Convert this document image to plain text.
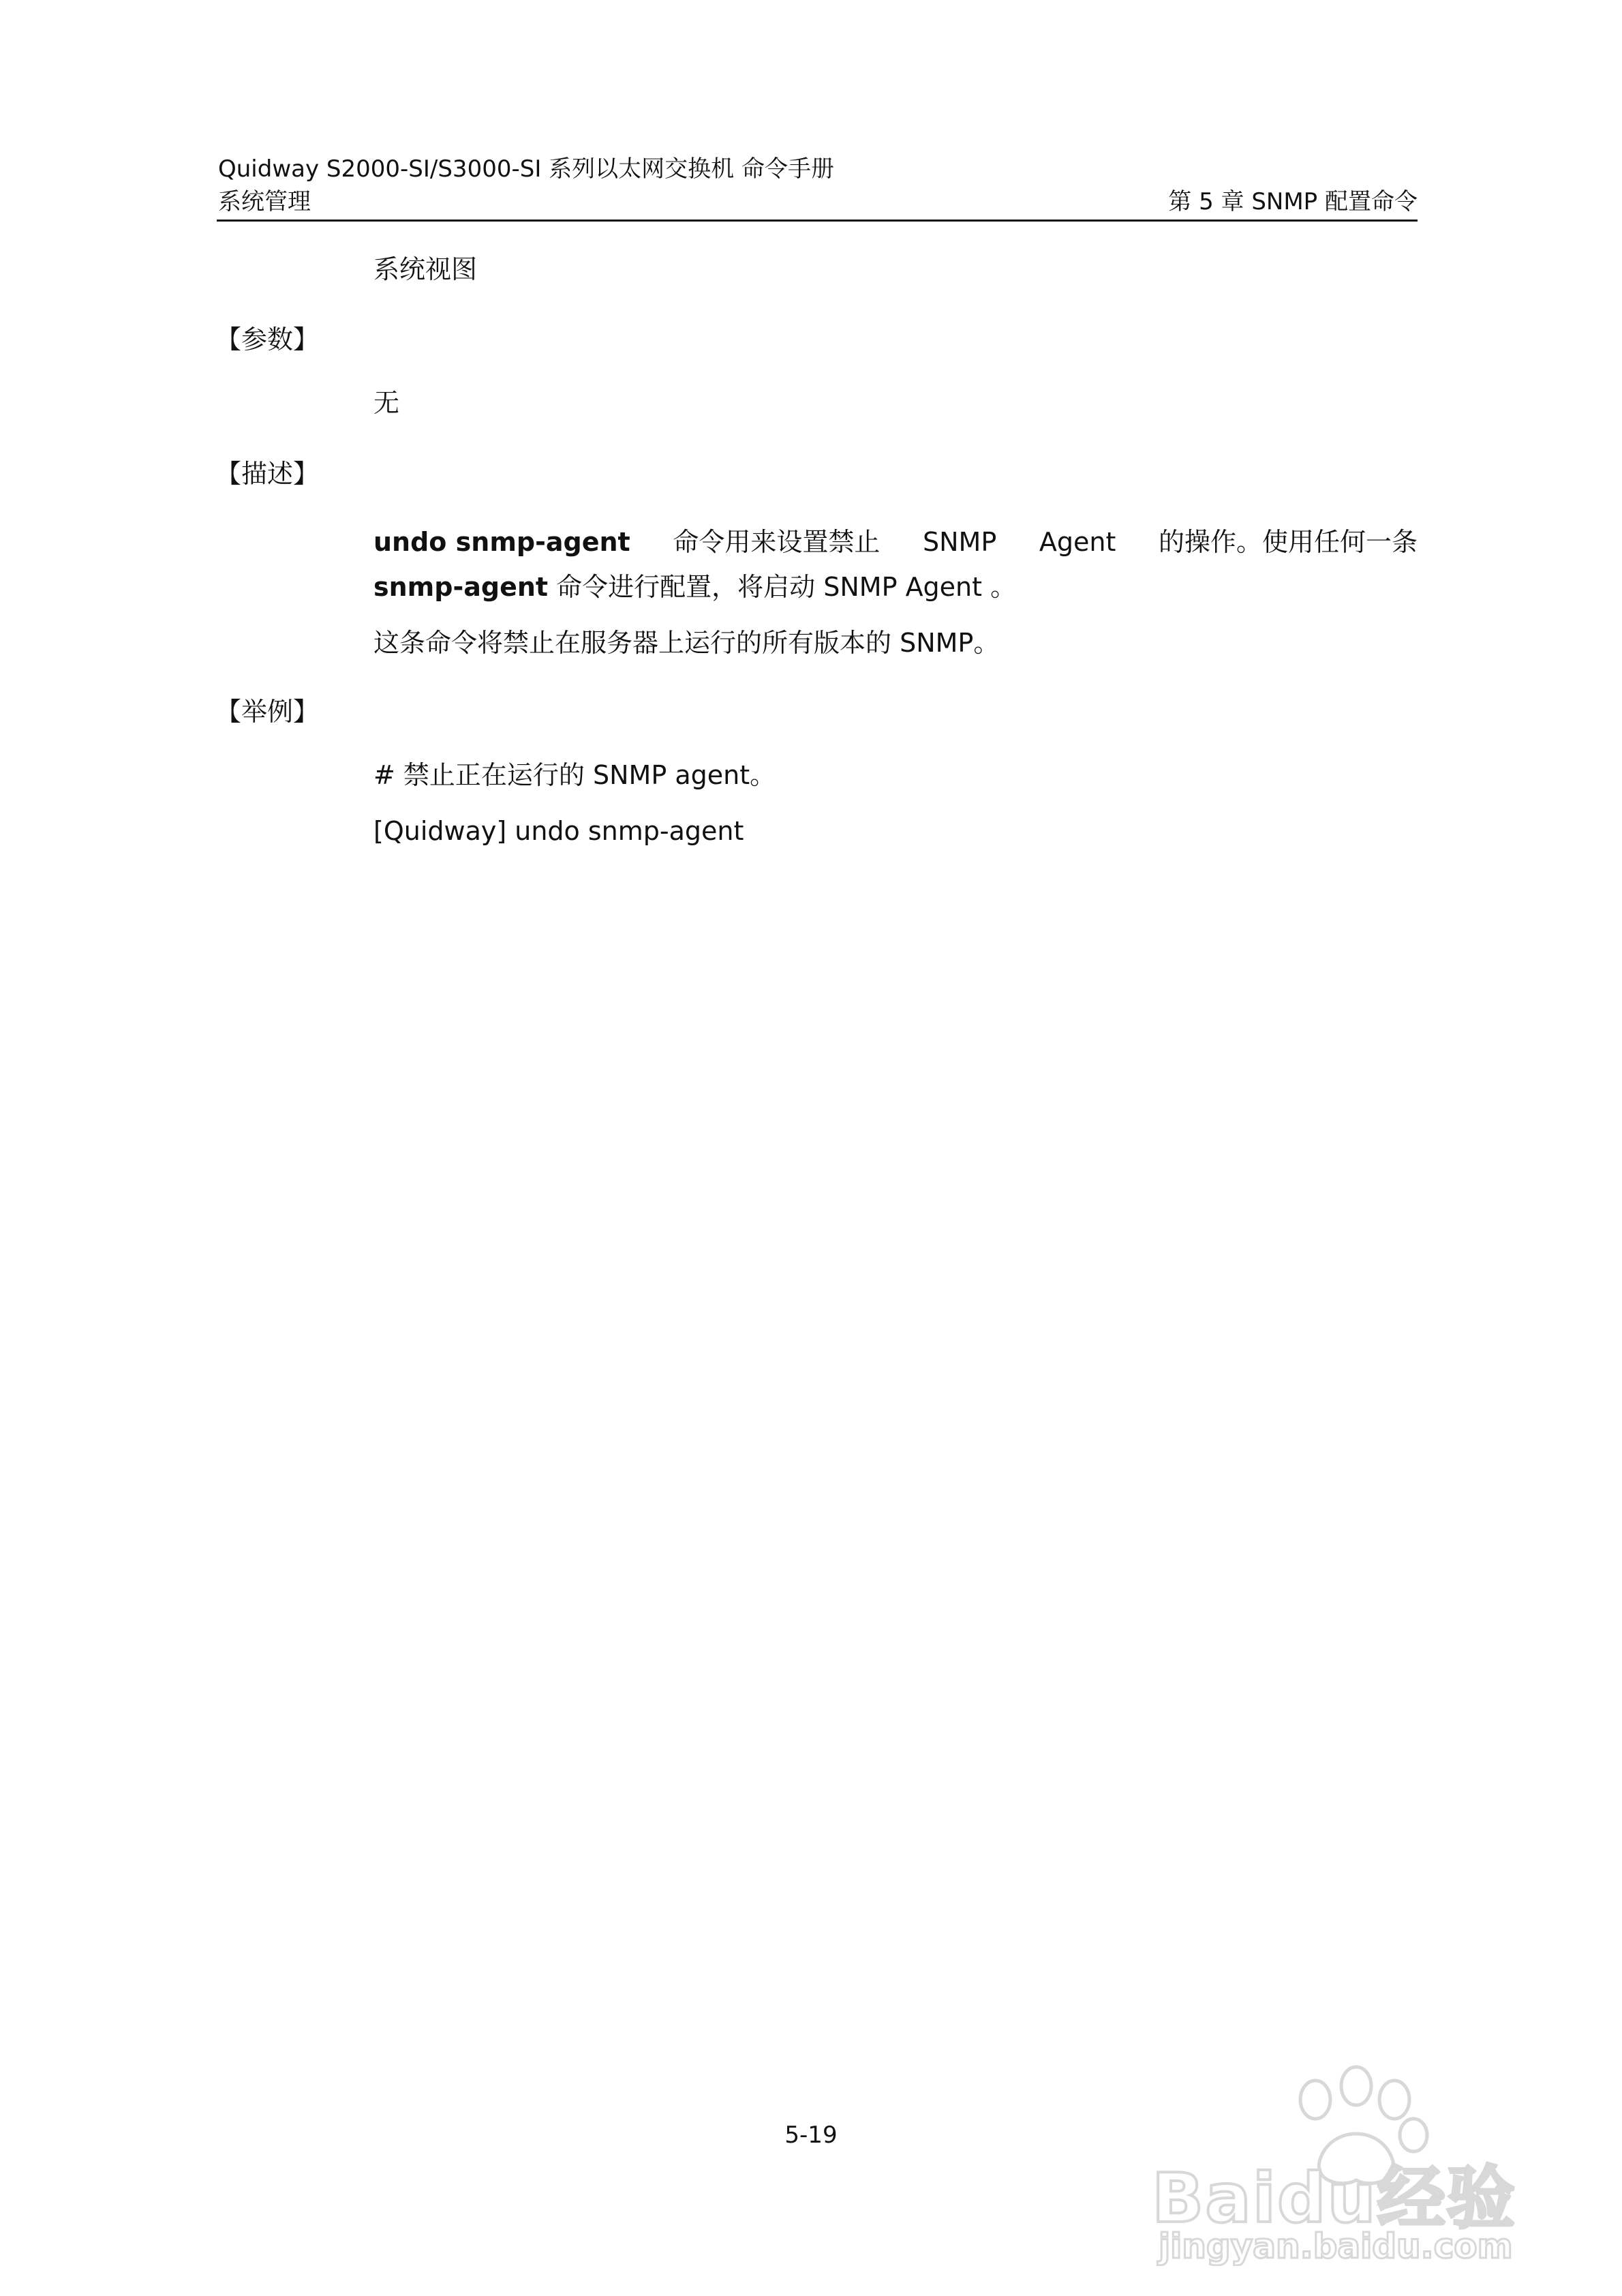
Quidway S2000-SI/S3000-SI 系列以太网交换机 命令手册
系统管理	第 5 章 SNMP 配置命令
系统视图
【参数】
无
【描述】
undo snmp-agent 命令用来设置禁止 SNMP Agent 的操作。使用任何一条
snmp-agent 命令进行配置，将启动 SNMP Agent 。
这条命令将禁止在服务器上运行的所有版本的 SNMP。
【举例】
# 禁止正在运行的 SNMP agent。
[Quidway] undo snmp-agent
5-19
Baidu经验
jingyan.baidu.com
